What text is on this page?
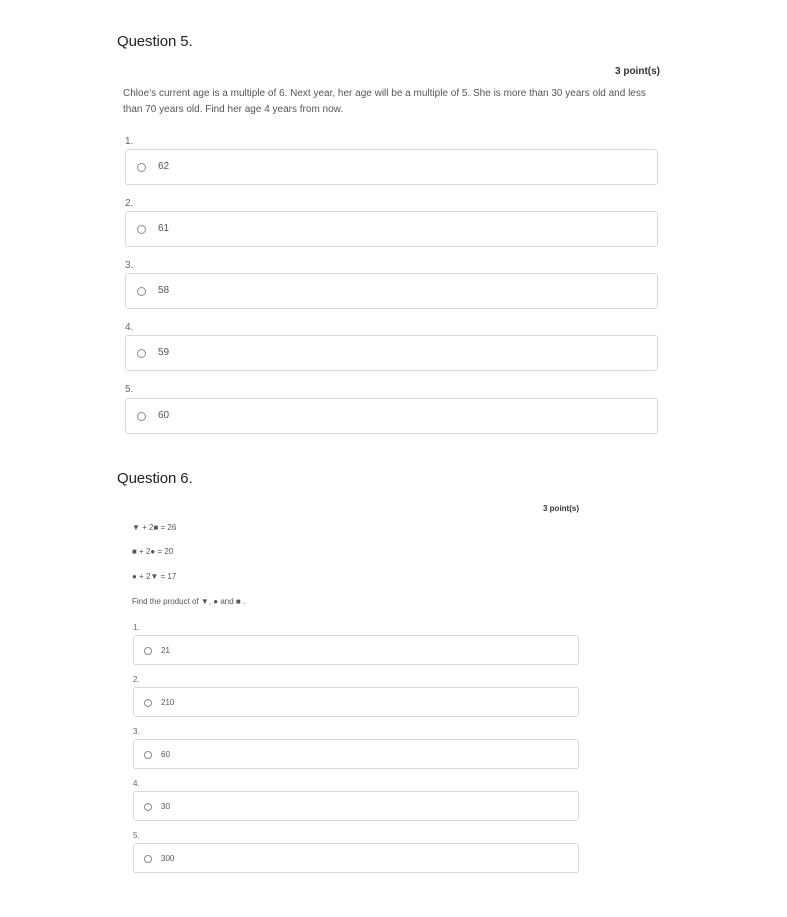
Question 5.
3 point(s)
Chloe’s current age is a multiple of 6. Next year, her age will be a multiple of 5. She is more than 30 years old and less than 70 years old. Find her age 4 years from now.
1.
62
2.
61
3.
58
4.
59
5.
60
Question 6.
3 point(s)
▼ + 2■ = 26
■ + 2● = 20
● + 2▼ = 17
Find the product of ▼, ● and ■ .
1.
21
2.
210
3.
60
4.
30
5.
300
